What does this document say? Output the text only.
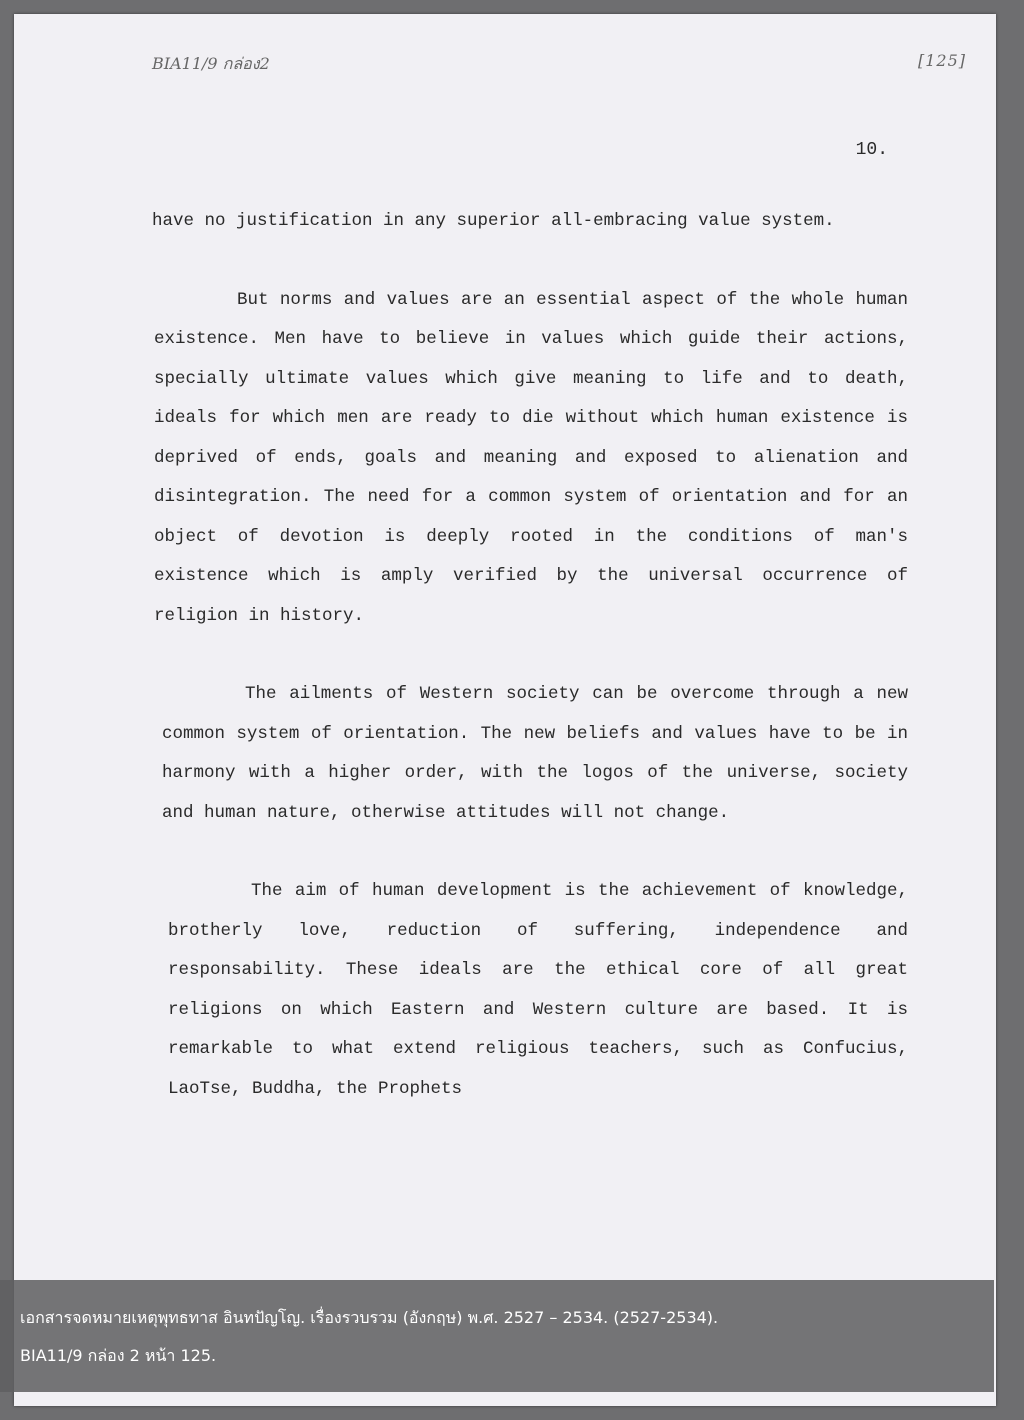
BIA11/9 กล่อง2	[125]
10.

have no justification in any superior all-embracing value system.

But norms and values are an essential aspect of the whole human existence. Men have to believe in values which guide their actions, specially ultimate values which give meaning to life and to death, ideals for which men are ready to die without which human existence is deprived of ends, goals and meaning and exposed to alienation and disintegration. The need for a common system of orientation and for an object of devotion is deeply rooted in the conditions of man's existence which is amply verified by the universal occurrence of religion in history.

The ailments of Western society can be overcome through a new common system of orientation. The new beliefs and values have to be in harmony with a higher order, with the logos of the universe, society and human nature, otherwise attitudes will not change.

The aim of human development is the achievement of knowledge, brotherly love, reduction of suffering, independence and responsability. These ideals are the ethical core of all great religions on which Eastern and Western culture are based. It is remarkable to what extend religious teachers, such as Confucius, LaoTse, Buddha, the Prophets

เอกสารจดหมายเหตุพุทธทาส อินทปัญโญ. เรื่องรวบรวม (อังกฤษ) พ.ศ. 2527 – 2534. (2527-2534).
BIA11/9 กล่อง 2 หน้า 125.
